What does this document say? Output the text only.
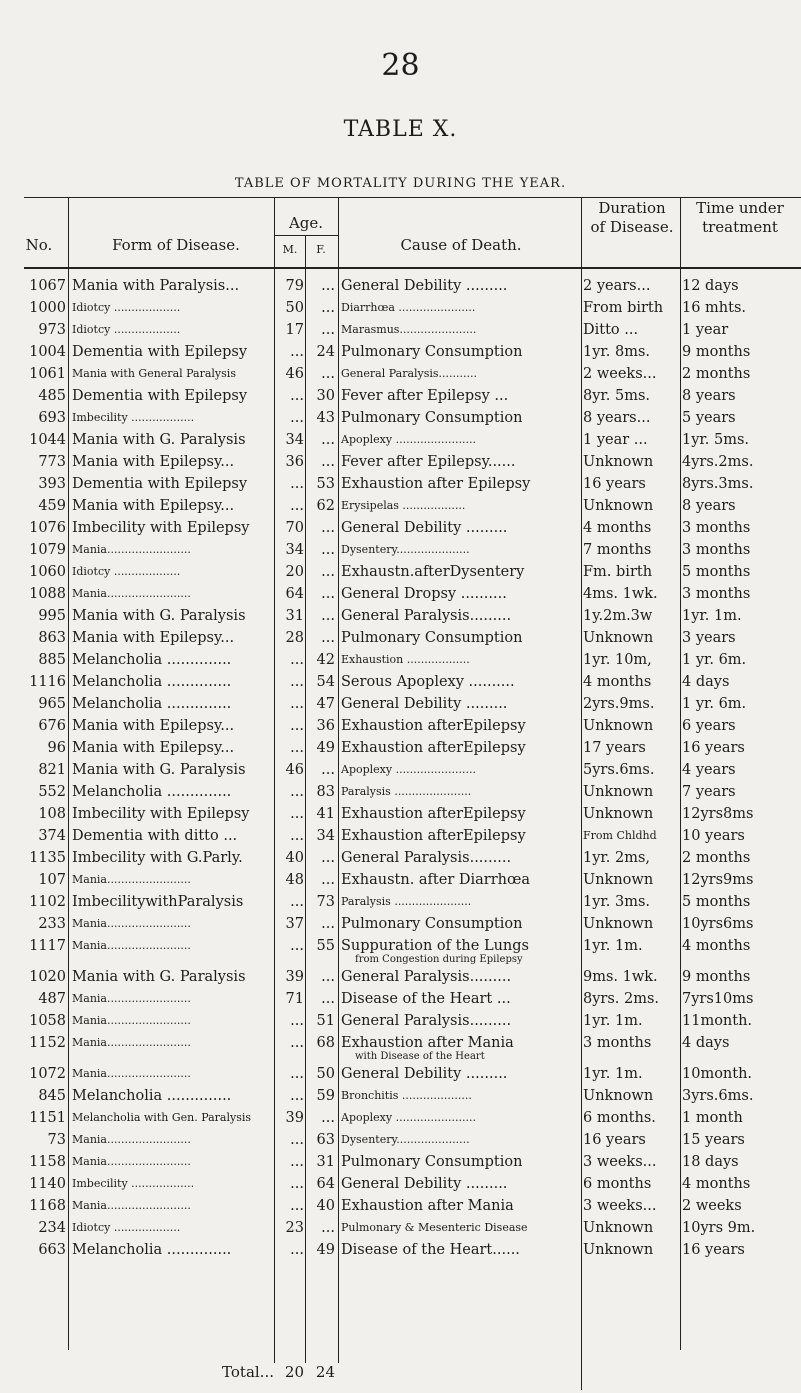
28
TABLE X.
TABLE OF MORTALITY DURING THE YEAR.
No.	Form of Disease.
Age.
M.	F.	Cause of Death.
Duration of Disease.
Time under treatment
1067 Mania with Paralysis...	79	... General Debility .........	2 years...	12 days
1000 Idiotcy ...................	50	... Diarrhœa ......................	From birth	16 mhts.
973 Idiotcy ...................	17	... Marasmus......................	Ditto ...	1 year
1004 Dementia with Epilepsy	... 24 Pulmonary Consumption	1yr. 8ms.	9 months
1061 Mania with General Paralysis	46	... General Paralysis...........	2 weeks...	2 months
485 Dementia with Epilepsy	... 30 Fever after Epilepsy ...	8yr. 5ms.	8 years
693 Imbecility ..................	... 43 Pulmonary Consumption	8 years...	5 years
1044 Mania with G. Paralysis	34	... Apoplexy .......................	1 year ...	1yr. 5ms.
773 Mania with Epilepsy...	36	... Fever after Epilepsy......	Unknown	4yrs.2ms.
393 Dementia with Epilepsy	... 53 Exhaustion after Epilepsy	16 years	8yrs.3ms.
459 Mania with Epilepsy...	... 62 Erysipelas ..................	Unknown	8 years
1076 Imbecility with Epilepsy	70	... General Debility .........	4 months	3 months
1079 Mania........................	34	... Dysentery.....................	7 months	3 months
1060 Idiotcy ...................	20	... Exhaustn.afterDysentery	Fm. birth	5 months
1088 Mania........................	64	... General Dropsy ..........	4ms. 1wk.	3 months
995 Mania with G. Paralysis	31	... General Paralysis.........	1y.2m.3w	1yr. 1m.
863 Mania with Epilepsy...	28	... Pulmonary Consumption	Unknown	3 years
885 Melancholia ..............	... 42 Exhaustion ..................	1yr. 10m,	1 yr. 6m.
1116 Melancholia ..............	... 54 Serous Apoplexy ..........	4 months	4 days
965 Melancholia ..............	... 47 General Debility .........	2yrs.9ms.	1 yr. 6m.
676 Mania with Epilepsy...	... 36 Exhaustion afterEpilepsy	Unknown	6 years
96 Mania with Epilepsy...	... 49 Exhaustion afterEpilepsy	17 years	16 years
821 Mania with G. Paralysis	46	... Apoplexy .......................	5yrs.6ms.	4 years
552 Melancholia ..............	... 83 Paralysis ......................	Unknown	7 years
108 Imbecility with Epilepsy	... 41 Exhaustion afterEpilepsy	Unknown	12yrs8ms
374 Dementia with ditto ...	... 34 Exhaustion afterEpilepsy	From Chldhd	10 years
1135 Imbecility with G.Parly.	40	... General Paralysis.........	1yr. 2ms,	2 months
107 Mania........................	48	... Exhaustn. after Diarrhœa	Unknown	12yrs9ms
1102 ImbecilitywithParalysis	... 73 Paralysis ......................	1yr. 3ms.	5 months
233 Mania........................	37	... Pulmonary Consumption	Unknown	10yrs6ms
1117 Mania........................	... 55 Suppuration of the Lungs	1yr. 1m.	4 months
from Congestion during Epilepsy
1020 Mania with G. Paralysis	39	... General Paralysis.........	9ms. 1wk.	9 months
487 Mania........................	71	... Disease of the Heart ...	8yrs. 2ms.	7yrs10ms
1058 Mania........................	... 51 General Paralysis.........	1yr. 1m.	11month.
1152 Mania........................	... 68 Exhaustion after Mania	3 months	4 days
with Disease of the Heart
1072 Mania........................	... 50 General Debility .........	1yr. 1m.	10month.
845 Melancholia ..............	... 59 Bronchitis ....................	Unknown	3yrs.6ms.
1151 Melancholia with Gen. Paralysis	39	... Apoplexy .......................	6 months.	1 month
73 Mania........................	... 63 Dysentery.....................	16 years	15 years
1158 Mania........................	... 31 Pulmonary Consumption	3 weeks...	18 days
1140 Imbecility ..................	... 64 General Debility .........	6 months	4 months
1168 Mania........................	... 40 Exhaustion after Mania	3 weeks...	2 weeks
234 Idiotcy ...................	23	... Pulmonary & Mesenteric Disease	Unknown	10yrs 9m.
663 Melancholia ..............	... 49 Disease of the Heart......	Unknown	16 years
Total... 20 24
